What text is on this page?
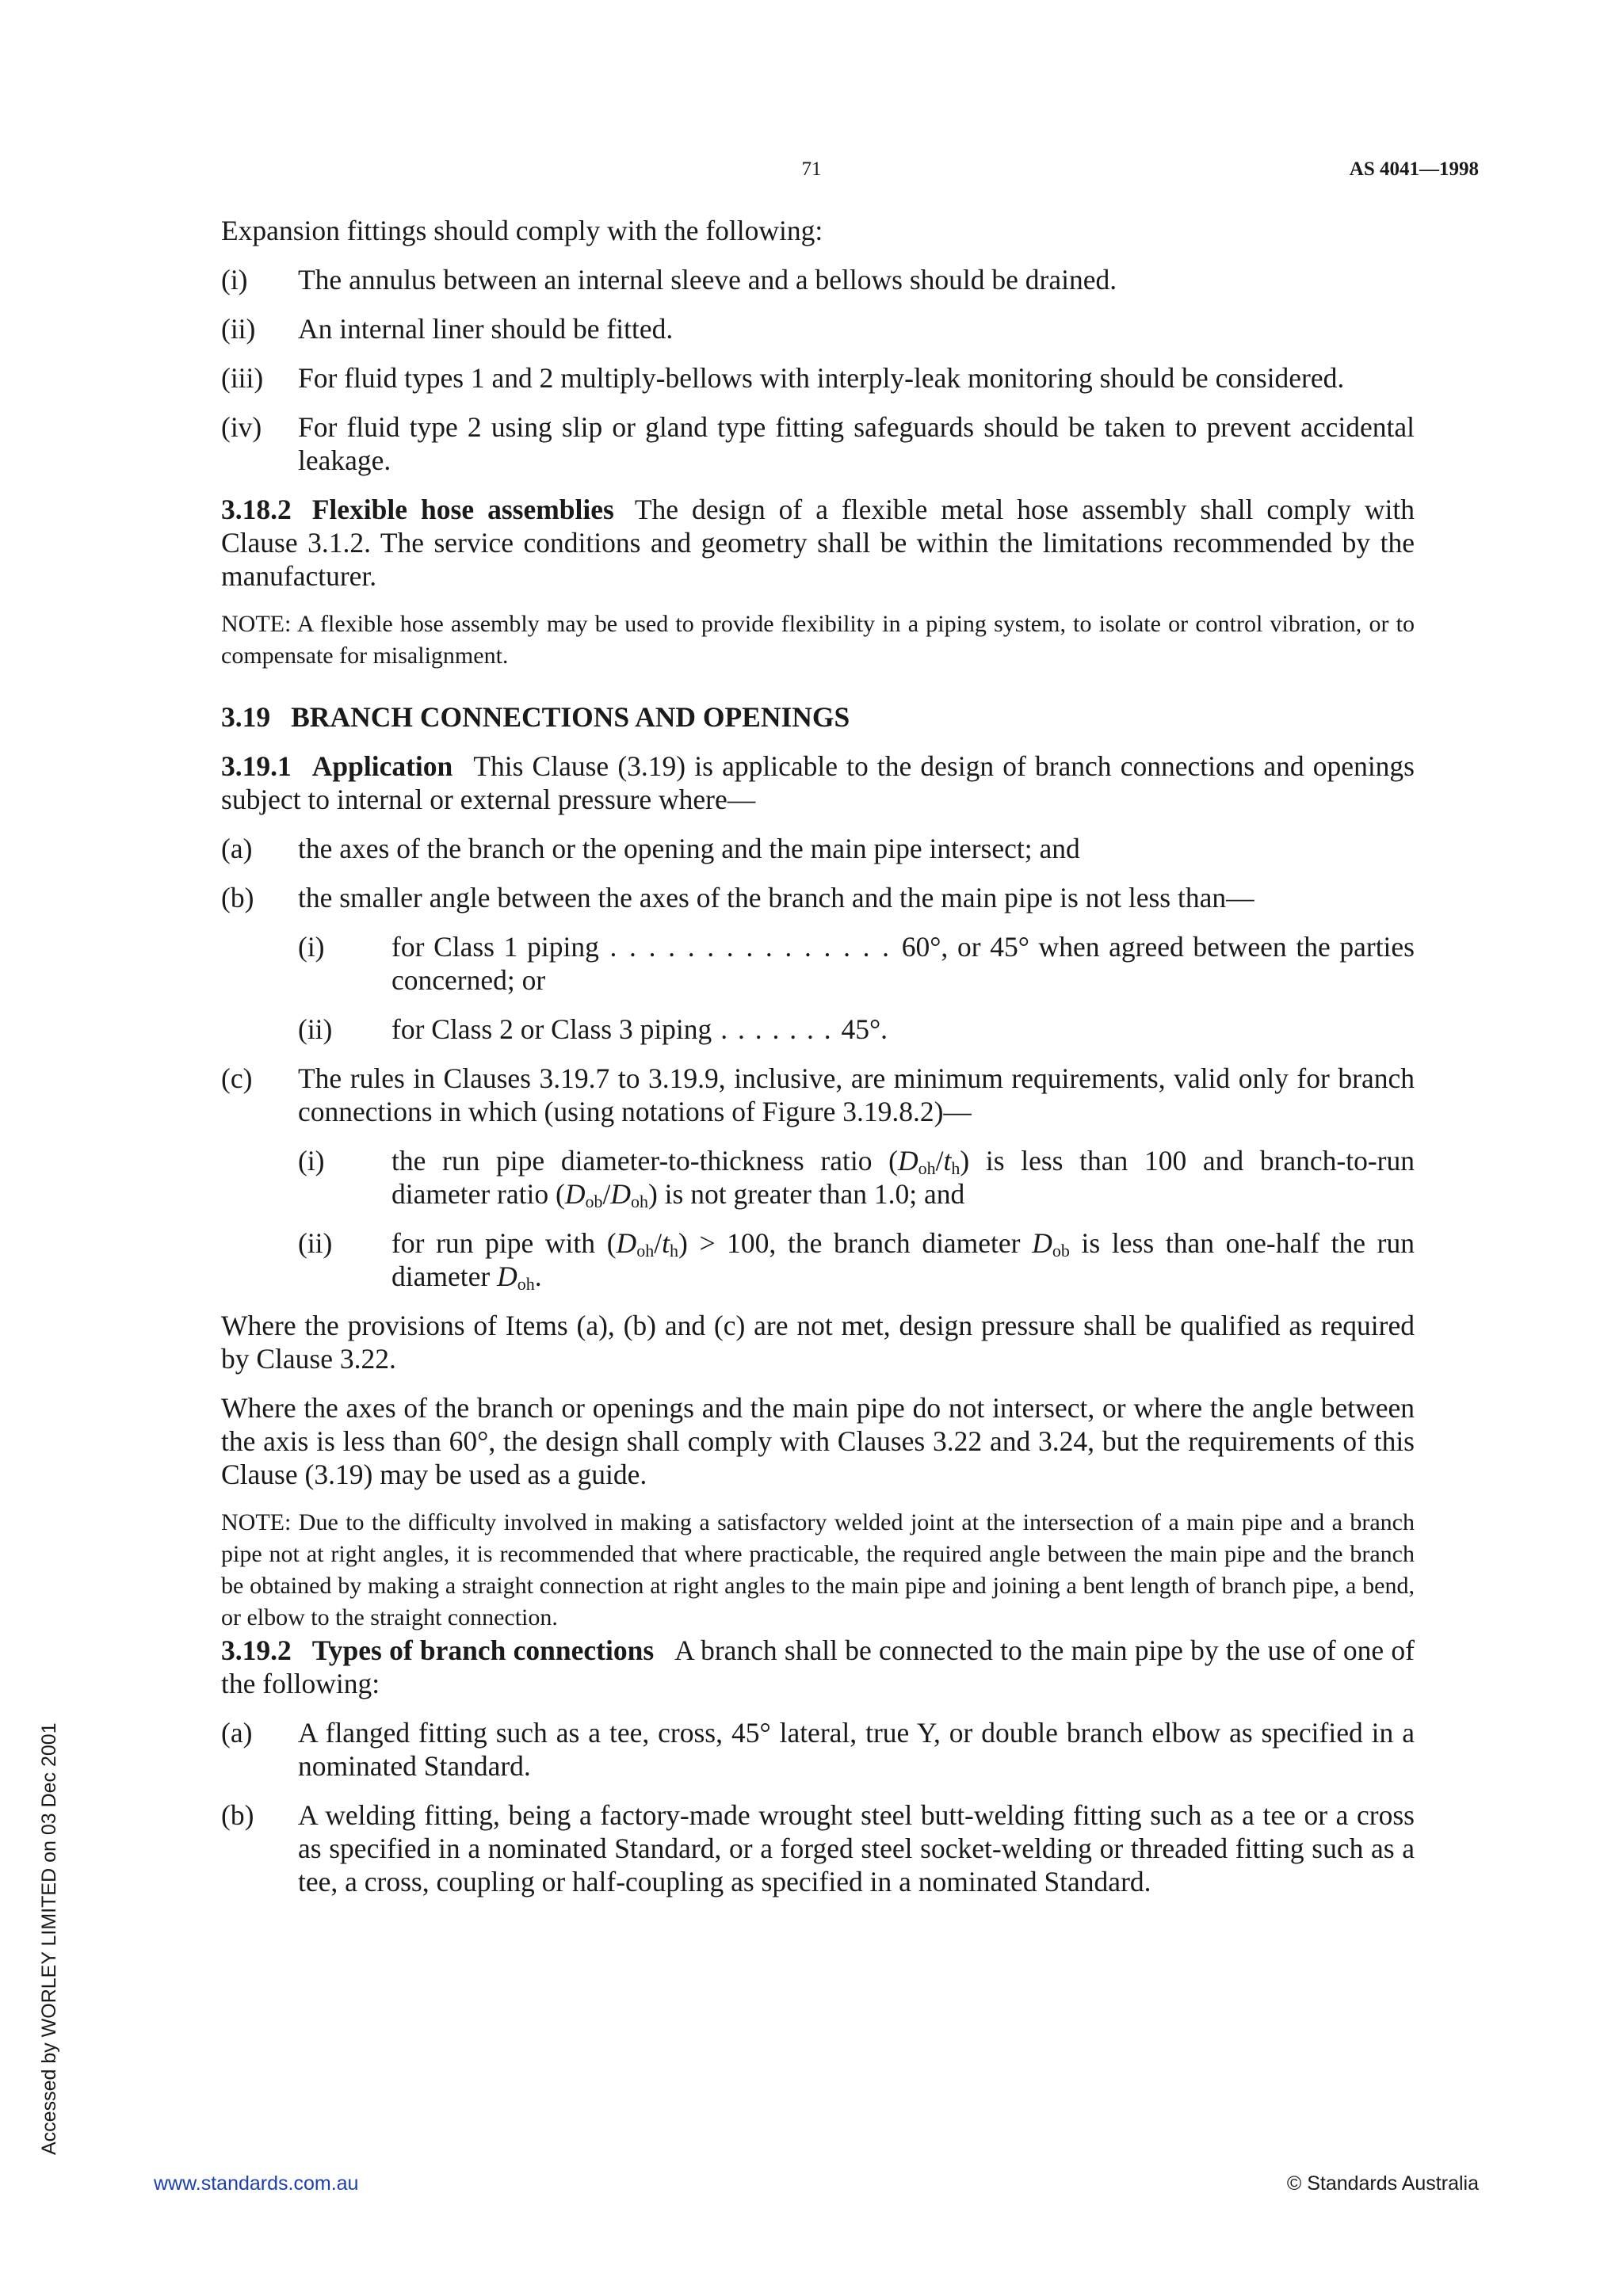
71	AS 4041—1998

Expansion fittings should comply with the following:

(i) The annulus between an internal sleeve and a bellows should be drained.
(ii) An internal liner should be fitted.
(iii) For fluid types 1 and 2 multiply-bellows with interply-leak monitoring should be considered.
(iv) For fluid type 2 using slip or gland type fitting safeguards should be taken to prevent accidental leakage.

3.18.2 Flexible hose assemblies The design of a flexible metal hose assembly shall comply with Clause 3.1.2. The service conditions and geometry shall be within the limitations recommended by the manufacturer.

NOTE: A flexible hose assembly may be used to provide flexibility in a piping system, to isolate or control vibration, or to compensate for misalignment.

3.19 BRANCH CONNECTIONS AND OPENINGS

3.19.1 Application This Clause (3.19) is applicable to the design of branch connections and openings subject to internal or external pressure where—

(a) the axes of the branch or the opening and the main pipe intersect; and
(b) the smaller angle between the axes of the branch and the main pipe is not less than—
(i) for Class 1 piping . . . . . . . . . . . . . . . 60°, or 45° when agreed between the parties concerned; or
(ii) for Class 2 or Class 3 piping . . . . . . . 45°.
(c) The rules in Clauses 3.19.7 to 3.19.9, inclusive, are minimum requirements, valid only for branch connections in which (using notations of Figure 3.19.8.2)—
(i) the run pipe diameter-to-thickness ratio (Doh/th) is less than 100 and branch-to-run diameter ratio (Dob/Doh) is not greater than 1.0; and
(ii) for run pipe with (Doh/th) > 100, the branch diameter Dob is less than one-half the run diameter Doh.

Where the provisions of Items (a), (b) and (c) are not met, design pressure shall be qualified as required by Clause 3.22.

Where the axes of the branch or openings and the main pipe do not intersect, or where the angle between the axis is less than 60°, the design shall comply with Clauses 3.22 and 3.24, but the requirements of this Clause (3.19) may be used as a guide.

NOTE: Due to the difficulty involved in making a satisfactory welded joint at the intersection of a main pipe and a branch pipe not at right angles, it is recommended that where practicable, the required angle between the main pipe and the branch be obtained by making a straight connection at right angles to the main pipe and joining a bent length of branch pipe, a bend, or elbow to the straight connection.

3.19.2 Types of branch connections A branch shall be connected to the main pipe by the use of one of the following:

(a) A flanged fitting such as a tee, cross, 45° lateral, true Y, or double branch elbow as specified in a nominated Standard.
(b) A welding fitting, being a factory-made wrought steel butt-welding fitting such as a tee or a cross as specified in a nominated Standard, or a forged steel socket-welding or threaded fitting such as a tee, a cross, coupling or half-coupling as specified in a nominated Standard.
Accessed by WORLEY LIMITED on 03 Dec 2001
www.standards.com.au	© Standards Australia
